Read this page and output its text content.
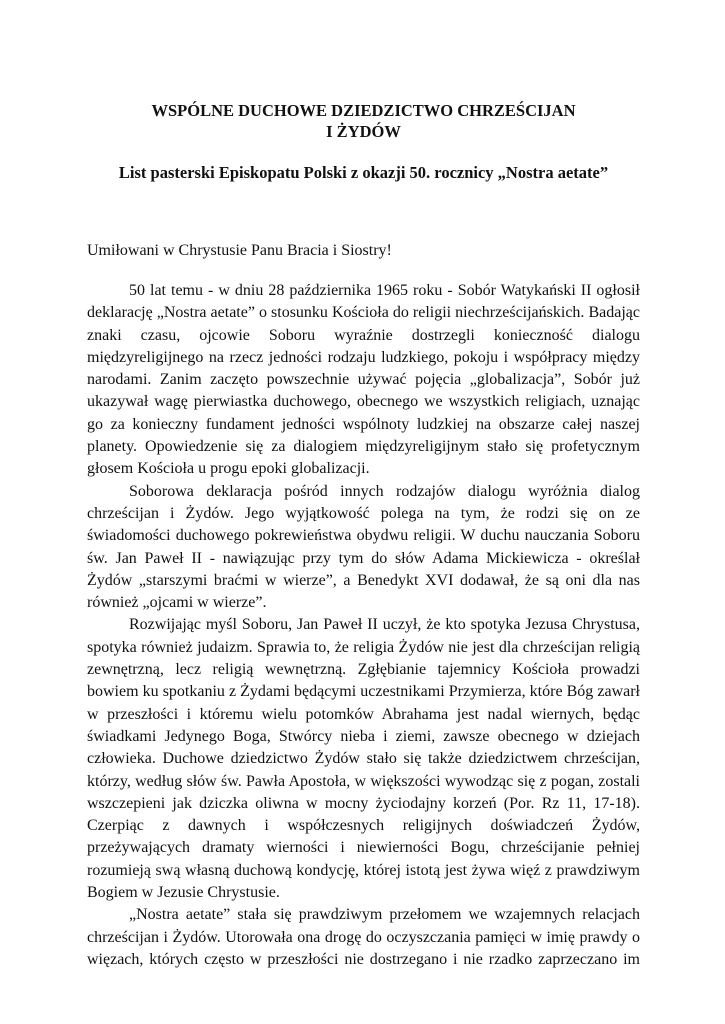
WSPÓLNE DUCHOWE DZIEDZICTWO CHRZEŚCIJAN
I ŻYDÓW
List pasterski Episkopatu Polski z okazji 50. rocznicy „Nostra aetate”

Umiłowani w Chrystusie Panu Bracia i Siostry!

50 lat temu - w dniu 28 października 1965 roku - Sobór Watykański II ogłosił deklarację „Nostra aetate” o stosunku Kościoła do religii niechrześcijańskich. Badając znaki czasu, ojcowie Soboru wyraźnie dostrzegli konieczność dialogu międzyreligijnego na rzecz jedności rodzaju ludzkiego, pokoju i współpracy między narodami. Zanim zaczęto powszechnie używać pojęcia „globalizacja”, Sobór już ukazywał wagę pierwiastka duchowego, obecnego we wszystkich religiach, uznając go za konieczny fundament jedności wspólnoty ludzkiej na obszarze całej naszej planety. Opowiedzenie się za dialogiem międzyreligijnym stało się profetycznym głosem Kościoła u progu epoki globalizacji.

Soborowa deklaracja pośród innych rodzajów dialogu wyróżnia dialog chrześcijan i Żydów. Jego wyjątkowość polega na tym, że rodzi się on ze świadomości duchowego pokrewieństwa obydwu religii. W duchu nauczania Soboru św. Jan Paweł II - nawiązując przy tym do słów Adama Mickiewicza - określał Żydów „starszymi braćmi w wierze”, a Benedykt XVI dodawał, że są oni dla nas również „ojcami w wierze”.

Rozwijając myśl Soboru, Jan Paweł II uczył, że kto spotyka Jezusa Chrystusa, spotyka również judaizm. Sprawia to, że religia Żydów nie jest dla chrześcijan religią zewnętrzną, lecz religią wewnętrzną. Zgłębianie tajemnicy Kościoła prowadzi bowiem ku spotkaniu z Żydami będącymi uczestnikami Przymierza, które Bóg zawarł w przeszłości i któremu wielu potomków Abrahama jest nadal wiernych, będąc świadkami Jedynego Boga, Stwórcy nieba i ziemi, zawsze obecnego w dziejach człowieka. Duchowe dziedzictwo Żydów stało się także dziedzictwem chrześcijan, którzy, według słów św. Pawła Apostoła, w większości wywodząc się z pogan, zostali wszczepieni jak dziczka oliwna w mocny życiodajny korzeń (Por. Rz 11, 17-18). Czerpiąc z dawnych i współczesnych religijnych doświadczeń Żydów, przeżywających dramaty wierności i niewierności Bogu, chrześcijanie pełniej rozumieją swą własną duchową kondycję, której istotą jest żywa więź z prawdziwym Bogiem w Jezusie Chrystusie.

„Nostra aetate” stała się prawdziwym przełomem we wzajemnych relacjach chrześcijan i Żydów. Utorowała ona drogę do oczyszczania pamięci w imię prawdy o więzach, których często w przeszłości nie dostrzegano i nie rzadko zaprzeczano im
